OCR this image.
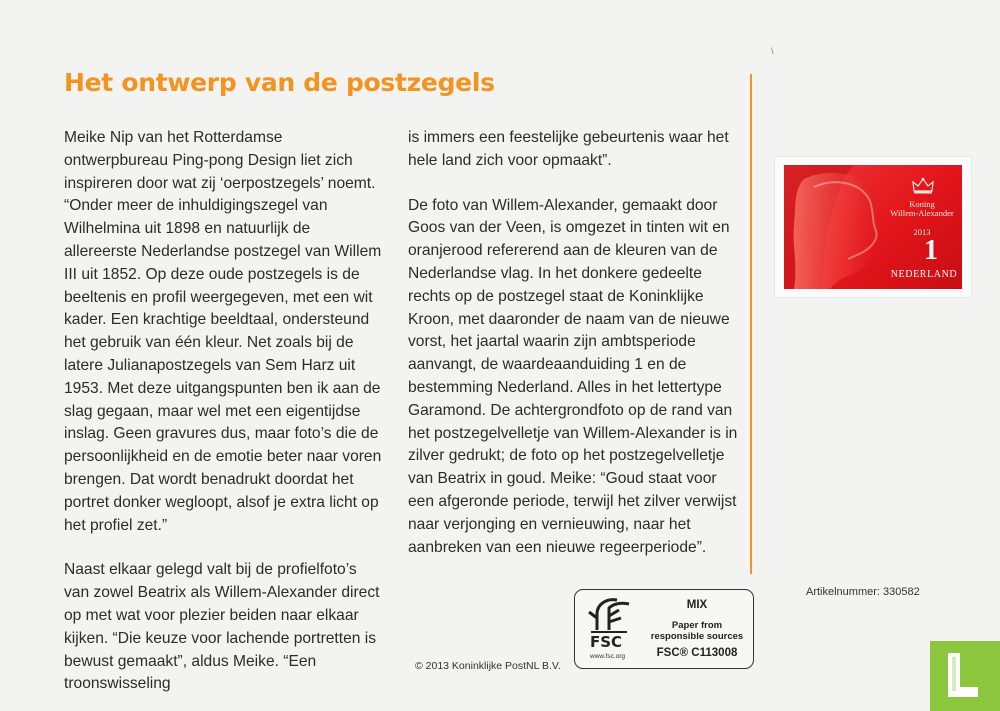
\
Het ontwerp van de postzegels

Meike Nip van het Rotterdamse ontwerpbureau Ping-pong Design liet zich inspireren door wat zij ‘oerpostzegels’ noemt. “Onder meer de inhuldigingszegel van Wilhelmina uit 1898 en natuurlijk de allereerste Nederlandse postzegel van Willem III uit 1852. Op deze oude postzegels is de beeltenis en profil weergegeven, met een wit kader. Een krachtige beeldtaal, ondersteund het gebruik van één kleur. Net zoals bij de latere Julianapostzegels van Sem Harz uit 1953. Met deze uitgangspunten ben ik aan de slag gegaan, maar wel met een eigentijdse inslag. Geen gravures dus, maar foto’s die de persoonlijkheid en de emotie beter naar voren brengen. Dat wordt benadrukt doordat het portret donker wegloopt, alsof je extra licht op het profiel zet.”

Naast elkaar gelegd valt bij de profielfoto’s van zowel Beatrix als Willem-Alexander direct op met wat voor plezier beiden naar elkaar kijken. “Die keuze voor lachende portretten is bewust gemaakt”, aldus Meike. “Een troonswisseling

is immers een feestelijke gebeurtenis waar het hele land zich voor opmaakt”.

De foto van Willem-Alexander, gemaakt door Goos van der Veen, is omgezet in tinten wit en oranjerood refererend aan de kleuren van de Nederlandse vlag. In het donkere gedeelte rechts op de postzegel staat de Koninklijke Kroon, met daaronder de naam van de nieuwe vorst, het jaartal waarin zijn ambtsperiode aanvangt, de waardeaanduiding 1 en de bestemming Nederland. Alles in het lettertype Garamond. De achtergrondfoto op de rand van het postzegelvelletje van Willem-Alexander is in zilver gedrukt; de foto op het postzegelvelletje van Beatrix in goud. Meike: “Goud staat voor een afgeronde periode, terwijl het zilver verwijst naar verjonging en vernieuwing, naar het aanbreken van een nieuwe regeerperiode”.

Koning
Willem-Alexander
2013
1
NEDERLAND
Artikelnummer: 330582
FSC
www.fsc.org
MIX
Paper from
responsible sources
FSC® C113008
© 2013 Koninklijke PostNL B.V.
